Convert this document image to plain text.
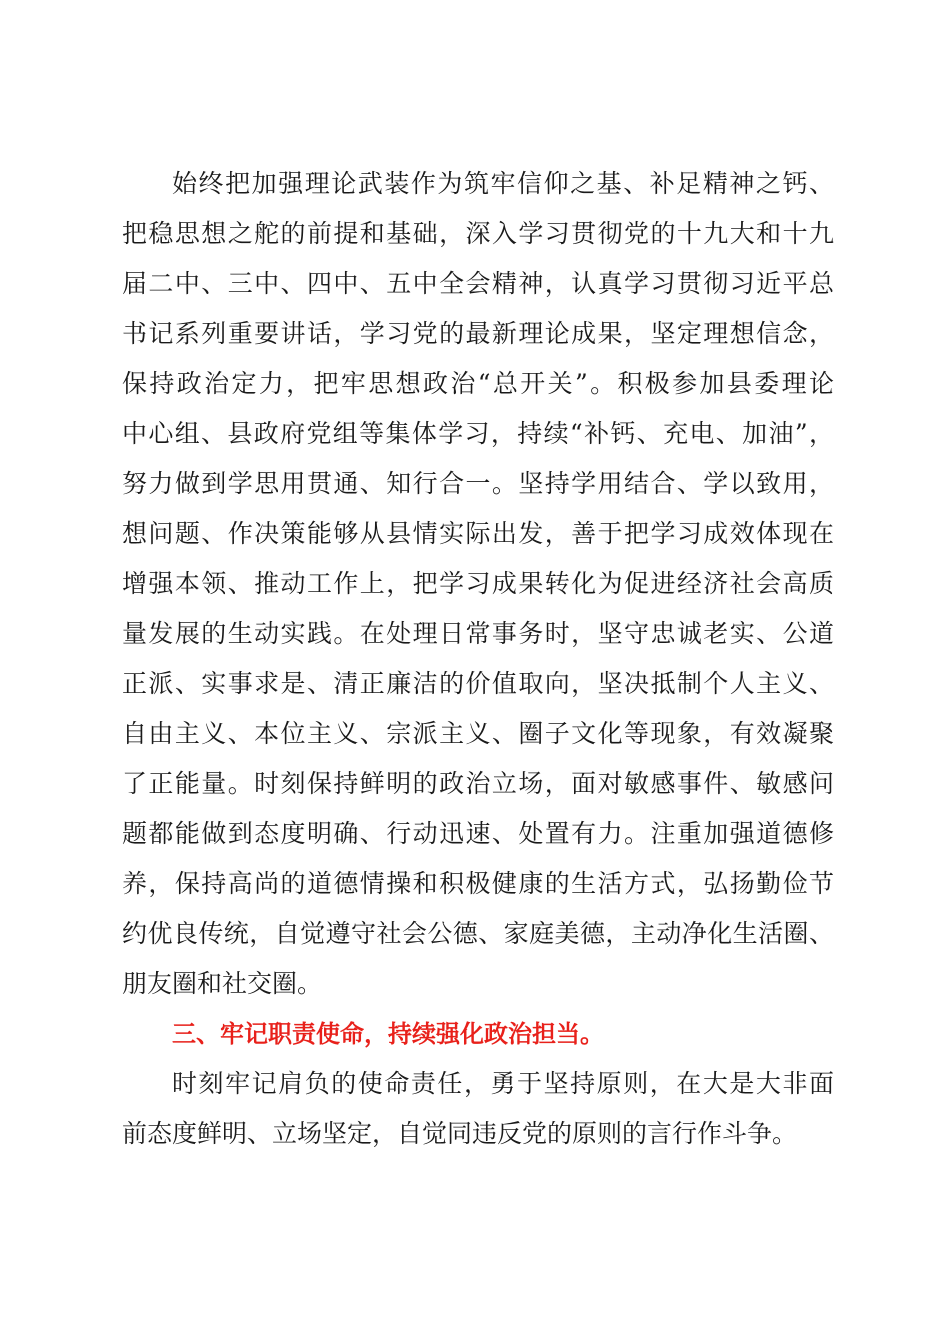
始终把加强理论武装作为筑牢信仰之基、补足精神之钙、
把稳思想之舵的前提和基础，深入学习贯彻党的十九大和十九
届二中、三中、四中、五中全会精神，认真学习贯彻习近平总
书记系列重要讲话，学习党的最新理论成果，坚定理想信念，
保持政治定力，把牢思想政治“总开关”。积极参加县委理论
中心组、县政府党组等集体学习，持续“补钙、充电、加油”，
努力做到学思用贯通、知行合一。坚持学用结合、学以致用，
想问题、作决策能够从县情实际出发，善于把学习成效体现在
增强本领、推动工作上，把学习成果转化为促进经济社会高质
量发展的生动实践。在处理日常事务时，坚守忠诚老实、公道
正派、实事求是、清正廉洁的价值取向，坚决抵制个人主义、
自由主义、本位主义、宗派主义、圈子文化等现象，有效凝聚
了正能量。时刻保持鲜明的政治立场，面对敏感事件、敏感问
题都能做到态度明确、行动迅速、处置有力。注重加强道德修
养，保持高尚的道德情操和积极健康的生活方式，弘扬勤俭节
约优良传统，自觉遵守社会公德、家庭美德，主动净化生活圈、
朋友圈和社交圈。
三、牢记职责使命，持续强化政治担当。
时刻牢记肩负的使命责任，勇于坚持原则，在大是大非面
前态度鲜明、立场坚定，自觉同违反党的原则的言行作斗争。
